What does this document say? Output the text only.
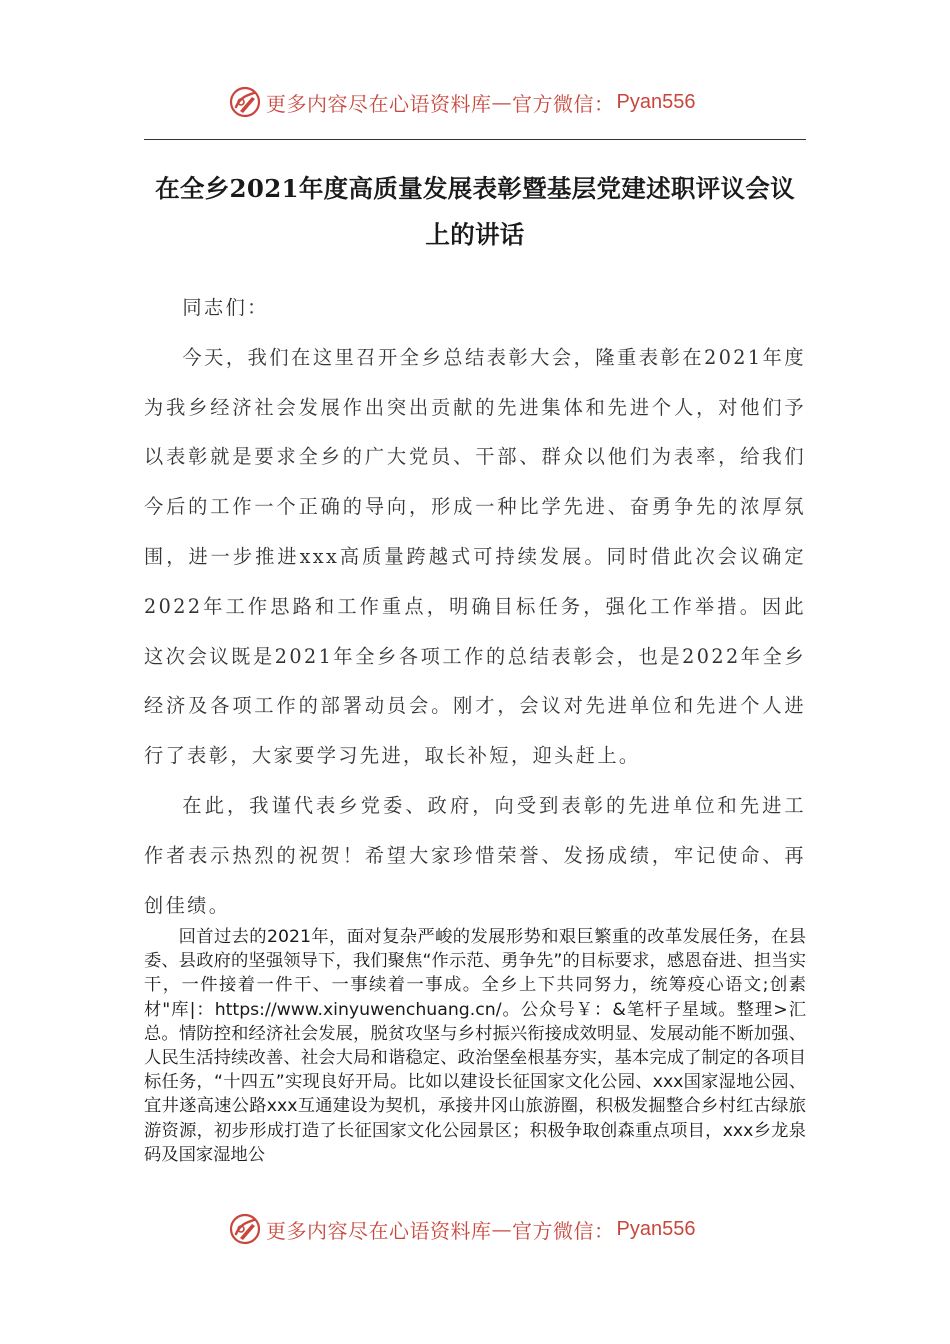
更多内容尽在心语资料库 — 官方微信： Pyan556
在全乡2021年度高质量发展表彰暨基层党建述职评议会议
上的讲话

同志们：

今天，我们在这里召开全乡总结表彰大会，隆重表彰在2021年度为我乡经济社会发展作出突出贡献的先进集体和先进个人，对他们予以表彰就是要求全乡的广大党员、干部、群众以他们为表率，给我们今后的工作一个正确的导向，形成一种比学先进、奋勇争先的浓厚氛围，进一步推进xxx高质量跨越式可持续发展。同时借此次会议确定2022年工作思路和工作重点，明确目标任务，强化工作举措。因此这次会议既是2021年全乡各项工作的总结表彰会，也是2022年全乡经济及各项工作的部署动员会。刚才，会议对先进单位和先进个人进行了表彰，大家要学习先进，取长补短，迎头赶上。

在此，我谨代表乡党委、政府，向受到表彰的先进单位和先进工作者表示热烈的祝贺！希望大家珍惜荣誉、发扬成绩，牢记使命、再创佳绩。

回首过去的2021年，面对复杂严峻的发展形势和艰巨繁重的改革发展任务，在县委、县政府的坚强领导下，我们聚焦“作示范、勇争先”的目标要求，感恩奋进、担当实干，一件接着一件干、一事续着一事成。全乡上下共同努力，统筹疫心语文;创素材"库|：https://www.xinyuwenchuang.cn/。公众号￥：&笔杆子星域。整理>汇总。情防控和经济社会发展，脱贫攻坚与乡村振兴衔接成效明显、发展动能不断加强、人民生活持续改善、社会大局和谐稳定、政治堡垒根基夯实，基本完成了制定的各项目标任务，“十四五”实现良好开局。比如以建设长征国家文化公园、xxx国家湿地公园、宜井遂高速公路xxx互通建设为契机，承接井冈山旅游圈，积极发掘整合乡村红古绿旅游资源，初步形成打造了长征国家文化公园景区；积极争取创森重点项目，xxx乡龙泉码及国家湿地公

更多内容尽在心语资料库 — 官方微信： Pyan556
